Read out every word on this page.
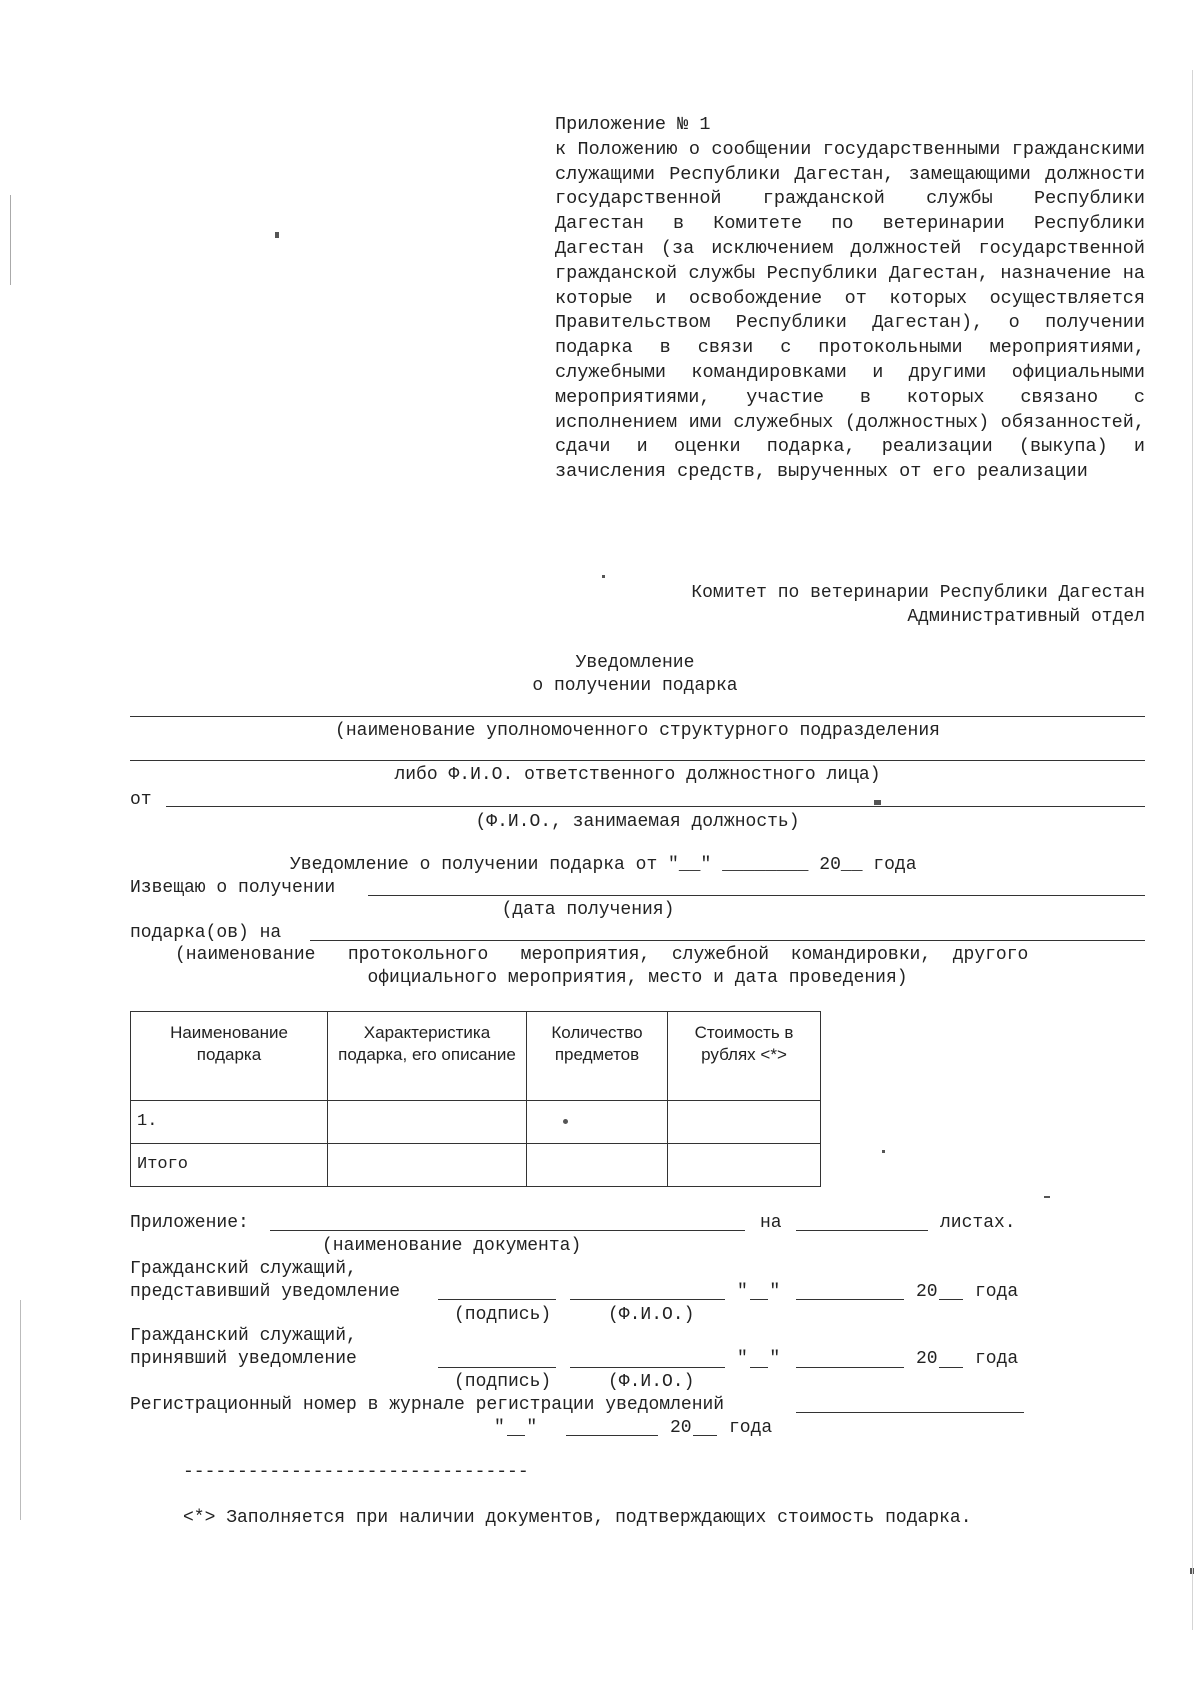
Приложение № 1
к Положению о сообщении государственными гражданскими служащими Республики Дагестан, замещающими должности государственной гражданской службы Республики Дагестан в Комитете по ветеринарии Республики Дагестан (за исключением должностей государственной гражданской службы Республики Дагестан, назначение на которые и освобождение от которых осуществляется Правительством Республики Дагестан), о получении подарка в связи с протокольными мероприятиями, служебными командировками и другими официальными мероприятиями, участие в которых связано с исполнением ими служебных (должностных) обязанностей, сдачи и оценки подарка, реализации (выкупа) и зачисления средств, вырученных от его реализации
Комитет по ветеринарии Республики Дагестан
Административный отдел
Уведомление
о получении подарка
(наименование уполномоченного структурного подразделения
либо Ф.И.О. ответственного должностного лица)
от
(Ф.И.О., занимаемая должность)
Уведомление о получении подарка от "__" ________ 20__ года
Извещаю о получении
(дата получения)
подарка(ов) на
(наименование   протокольного   мероприятия,  служебной  командировки,  другого
официального мероприятия, место и дата проведения)
Наименование подарка	Характеристика подарка, его описание	Количество предметов	Стоимость в рублях <*>
1.			
Итого			
Приложение:	на	листах.
(наименование документа)
Гражданский служащий,
представивший уведомление	"  "	20 года
(подпись)	(Ф.И.О.)
Гражданский служащий,
принявший уведомление	"  "	20 года
(подпись)	(Ф.И.О.)
Регистрационный номер в журнале регистрации уведомлений
"  "	20 года
--------------------------------
<*> Заполняется при наличии документов, подтверждающих стоимость подарка.
